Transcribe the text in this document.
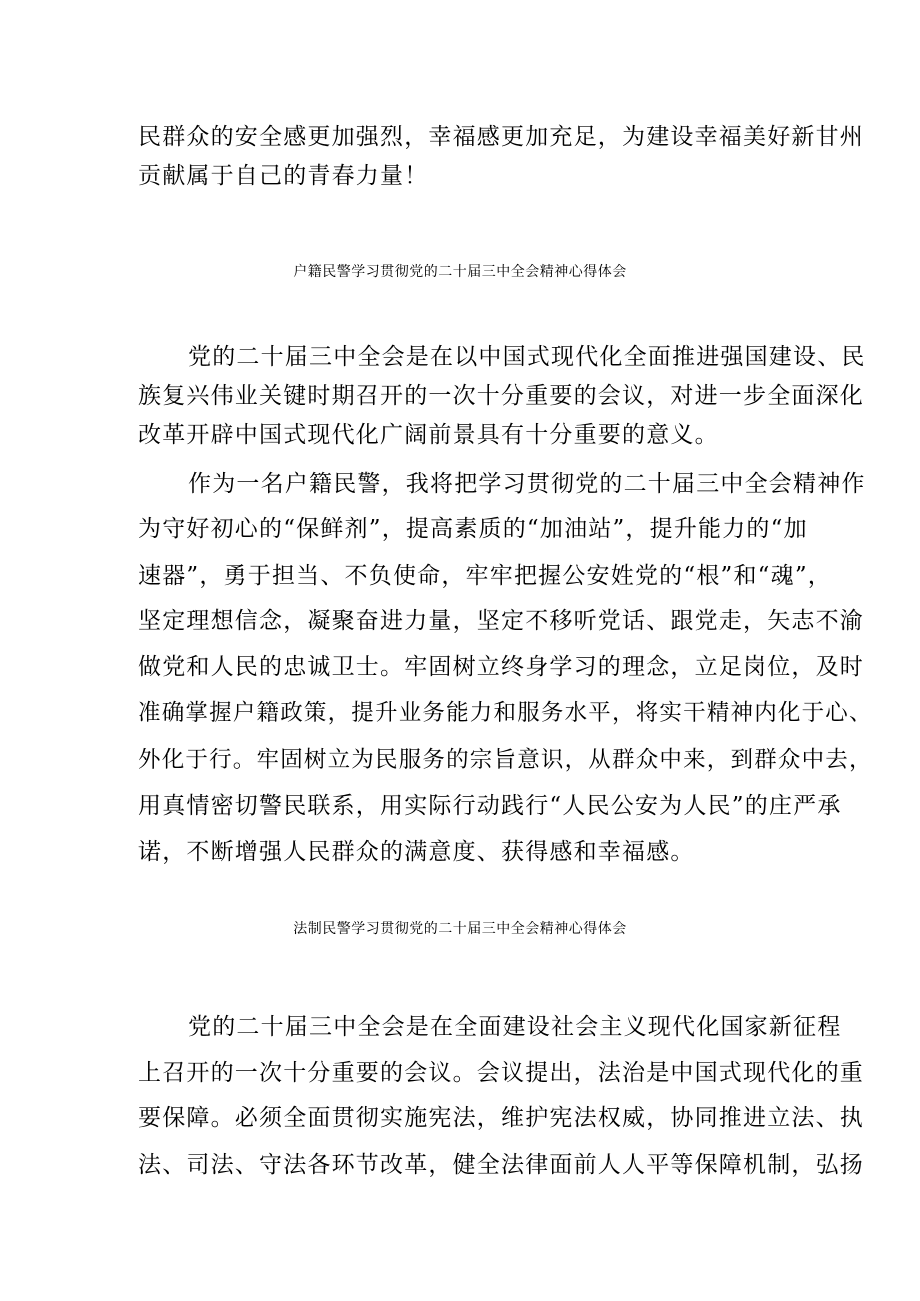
民群众的安全感更加强烈，幸福感更加充足，为建设幸福美好新甘州
贡献属于自己的青春力量！
户籍民警学习贯彻党的二十届三中全会精神心得体会
党的二十届三中全会是在以中国式现代化全面推进强国建设、民
族复兴伟业关键时期召开的一次十分重要的会议，对进一步全面深化
改革开辟中国式现代化广阔前景具有十分重要的意义。
作为一名户籍民警，我将把学习贯彻党的二十届三中全会精神作
为守好初心的“保鲜剂”，提高素质的“加油站”，提升能力的“加
速器”，勇于担当、不负使命，牢牢把握公安姓党的“根”和“魂”，
坚定理想信念，凝聚奋进力量，坚定不移听党话、跟党走，矢志不渝
做党和人民的忠诚卫士。牢固树立终身学习的理念，立足岗位，及时
准确掌握户籍政策，提升业务能力和服务水平，将实干精神内化于心、
外化于行。牢固树立为民服务的宗旨意识，从群众中来，到群众中去，
用真情密切警民联系，用实际行动践行“人民公安为人民”的庄严承
诺，不断增强人民群众的满意度、获得感和幸福感。
法制民警学习贯彻党的二十届三中全会精神心得体会
党的二十届三中全会是在全面建设社会主义现代化国家新征程
上召开的一次十分重要的会议。会议提出，法治是中国式现代化的重
要保障。必须全面贯彻实施宪法，维护宪法权威，协同推进立法、执
法、司法、守法各环节改革，健全法律面前人人平等保障机制，弘扬
